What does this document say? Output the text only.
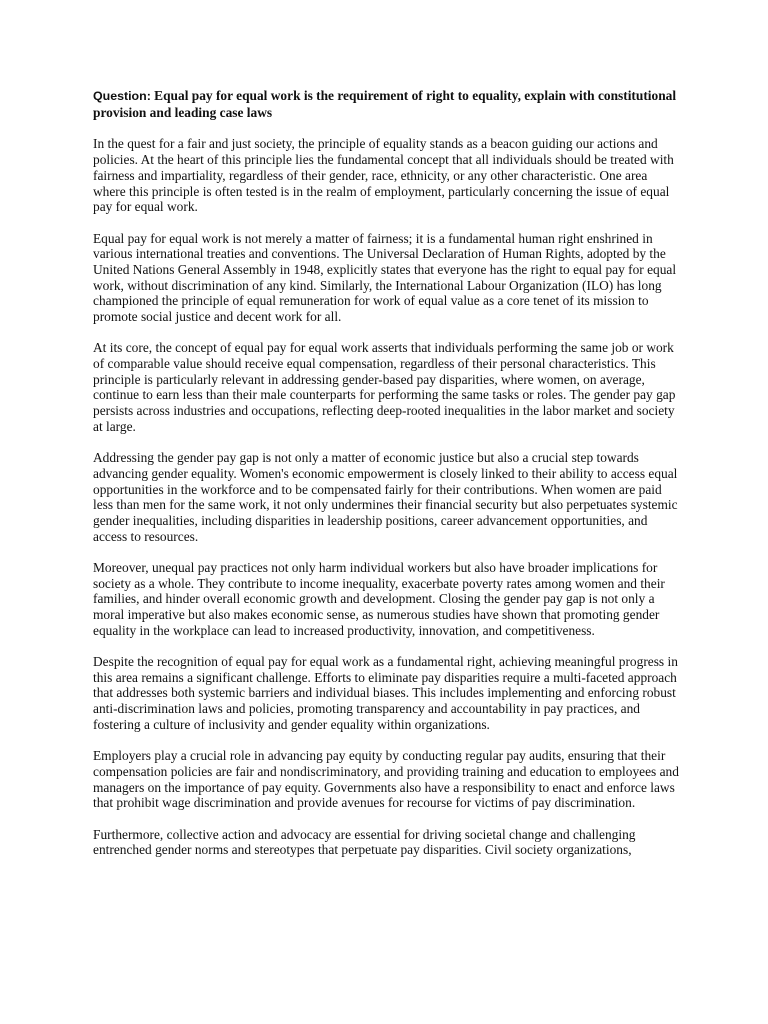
Question: Equal pay for equal work is the requirement of right to equality, explain with constitutional provision and leading case laws

In the quest for a fair and just society, the principle of equality stands as a beacon guiding our actions and policies. At the heart of this principle lies the fundamental concept that all individuals should be treated with fairness and impartiality, regardless of their gender, race, ethnicity, or any other characteristic. One area where this principle is often tested is in the realm of employment, particularly concerning the issue of equal pay for equal work.

Equal pay for equal work is not merely a matter of fairness; it is a fundamental human right enshrined in various international treaties and conventions. The Universal Declaration of Human Rights, adopted by the United Nations General Assembly in 1948, explicitly states that everyone has the right to equal pay for equal work, without discrimination of any kind. Similarly, the International Labour Organization (ILO) has long championed the principle of equal remuneration for work of equal value as a core tenet of its mission to promote social justice and decent work for all.

At its core, the concept of equal pay for equal work asserts that individuals performing the same job or work of comparable value should receive equal compensation, regardless of their personal characteristics. This principle is particularly relevant in addressing gender-based pay disparities, where women, on average, continue to earn less than their male counterparts for performing the same tasks or roles. The gender pay gap persists across industries and occupations, reflecting deep-rooted inequalities in the labor market and society at large.

Addressing the gender pay gap is not only a matter of economic justice but also a crucial step towards advancing gender equality. Women's economic empowerment is closely linked to their ability to access equal opportunities in the workforce and to be compensated fairly for their contributions. When women are paid less than men for the same work, it not only undermines their financial security but also perpetuates systemic gender inequalities, including disparities in leadership positions, career advancement opportunities, and access to resources.

Moreover, unequal pay practices not only harm individual workers but also have broader implications for society as a whole. They contribute to income inequality, exacerbate poverty rates among women and their families, and hinder overall economic growth and development. Closing the gender pay gap is not only a moral imperative but also makes economic sense, as numerous studies have shown that promoting gender equality in the workplace can lead to increased productivity, innovation, and competitiveness.

Despite the recognition of equal pay for equal work as a fundamental right, achieving meaningful progress in this area remains a significant challenge. Efforts to eliminate pay disparities require a multi-faceted approach that addresses both systemic barriers and individual biases. This includes implementing and enforcing robust anti-discrimination laws and policies, promoting transparency and accountability in pay practices, and fostering a culture of inclusivity and gender equality within organizations.

Employers play a crucial role in advancing pay equity by conducting regular pay audits, ensuring that their compensation policies are fair and nondiscriminatory, and providing training and education to employees and managers on the importance of pay equity. Governments also have a responsibility to enact and enforce laws that prohibit wage discrimination and provide avenues for recourse for victims of pay discrimination.

Furthermore, collective action and advocacy are essential for driving societal change and challenging entrenched gender norms and stereotypes that perpetuate pay disparities. Civil society organizations,
